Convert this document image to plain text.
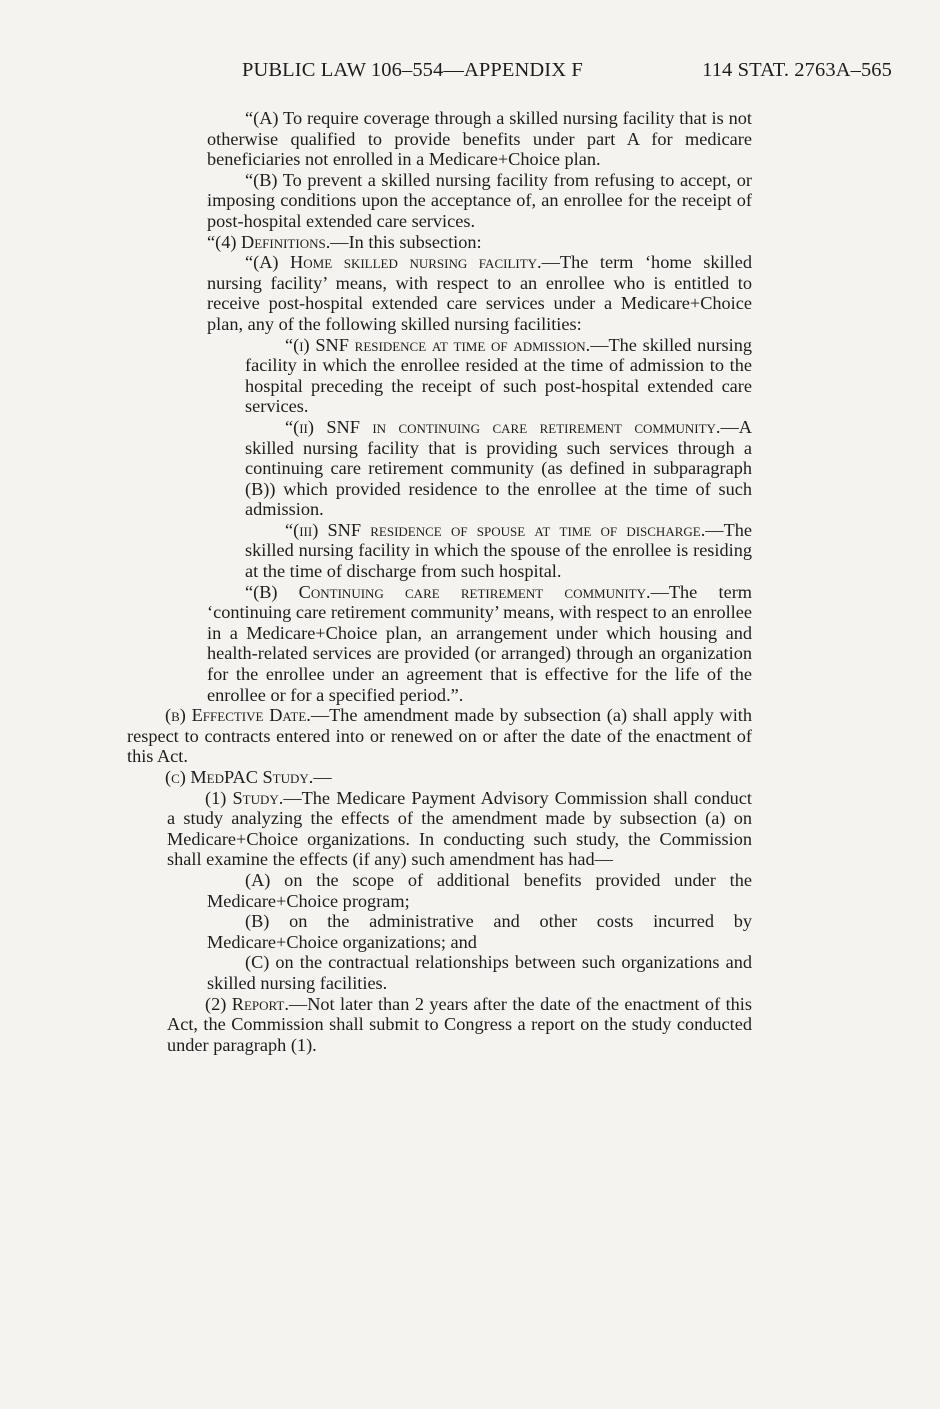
PUBLIC LAW 106–554—APPENDIX F	114 STAT. 2763A–565

“(A) To require coverage through a skilled nursing facility that is not otherwise qualified to provide benefits under part A for medicare beneficiaries not enrolled in a Medicare+Choice plan.

“(B) To prevent a skilled nursing facility from refusing to accept, or imposing conditions upon the acceptance of, an enrollee for the receipt of post-hospital extended care services.

“(4) Definitions.—In this subsection:

“(A) Home skilled nursing facility.—The term ‘home skilled nursing facility’ means, with respect to an enrollee who is entitled to receive post-hospital extended care services under a Medicare+Choice plan, any of the following skilled nursing facilities:

“(i) SNF residence at time of admission.—The skilled nursing facility in which the enrollee resided at the time of admission to the hospital preceding the receipt of such post-hospital extended care services.

“(ii) SNF in continuing care retirement community.—A skilled nursing facility that is providing such services through a continuing care retirement community (as defined in subparagraph (B)) which provided residence to the enrollee at the time of such admission.

“(iii) SNF residence of spouse at time of discharge.—The skilled nursing facility in which the spouse of the enrollee is residing at the time of discharge from such hospital.

“(B) Continuing care retirement community.—The term ‘continuing care retirement community’ means, with respect to an enrollee in a Medicare+Choice plan, an arrangement under which housing and health-related services are provided (or arranged) through an organization for the enrollee under an agreement that is effective for the life of the enrollee or for a specified period.”.

(b) Effective Date.—The amendment made by subsection (a) shall apply with respect to contracts entered into or renewed on or after the date of the enactment of this Act.

(c) MedPAC Study.—

(1) Study.—The Medicare Payment Advisory Commission shall conduct a study analyzing the effects of the amendment made by subsection (a) on Medicare+Choice organizations. In conducting such study, the Commission shall examine the effects (if any) such amendment has had—

(A) on the scope of additional benefits provided under the Medicare+Choice program;

(B) on the administrative and other costs incurred by Medicare+Choice organizations; and

(C) on the contractual relationships between such organizations and skilled nursing facilities.

(2) Report.—Not later than 2 years after the date of the enactment of this Act, the Commission shall submit to Congress a report on the study conducted under paragraph (1).
